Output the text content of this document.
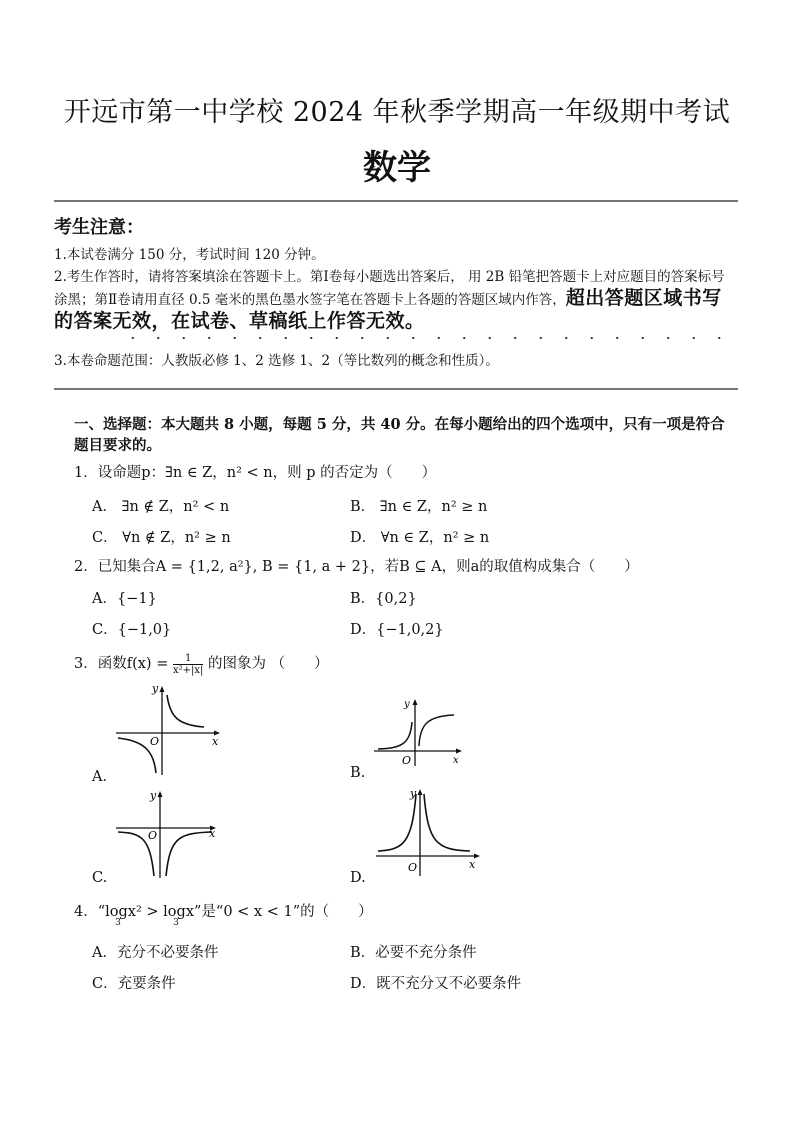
开远市第一中学校 2024 年秋季学期高一年级期中考试
数学
考生注意：
1.本试卷满分 150 分，考试时间 120 分钟。
2.考生作答时，请将答案填涂在答题卡上。第Ⅰ卷每小题选出答案后， 用 2B 铅笔把答题卡上对应题目的答案标号涂黑；第Ⅱ卷请用直径 0.5 毫米的黑色墨水签字笔在答题卡上各题的答题区域内作答，超出答题区域书写的答案无效，在试卷、草稿纸上作答无效。
3.本卷命题范围：人教版必修 1、2 选修 1、2（等比数列的概念和性质）。
一、选择题：本大题共 8 小题，每题 5 分，共 40 分。在每小题给出的四个选项中，只有一项是符合题目要求的。
1．设命题p：∃n ∈ Z，n² < n，则 p 的否定为（　　）
A． ∃n ∉ Z，n² < n	B． ∃n ∈ Z，n² ≥ n
C． ∀n ∉ Z，n² ≥ n	D． ∀n ∈ Z，n² ≥ n
2．已知集合A = {1,2, a²}, B = {1, a + 2}，若B ⊆ A，则a的取值构成集合（　　）
A．{−1}	B．{0,2}
C．{−1,0}	D．{−1,0,2}
3．函数$f(x) = \frac{1}{\text{x²+|x|}}$ 的图象为 （　　）
y
x
O
A．
y
x
O
B.
y
x
O
C.
y
x
O
D.
4．“log
3
x² > log
3
x”是“0 < x < 1”的（　　）
A．充分不必要条件	B．必要不充分条件
C．充要条件	D．既不充分又不必要条件
